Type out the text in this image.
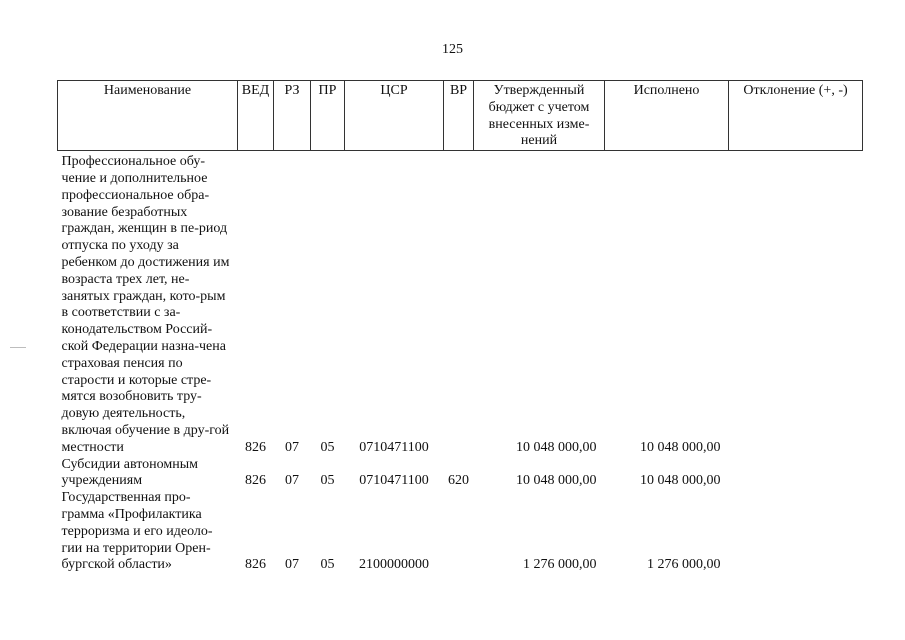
125
Наименование	ВЕД	РЗ	ПР	ЦСР	ВР	Утвержденный бюджет с учетом внесенных изме-нений	Исполнено	Отклонение (+, -)

Профессиональное обу-чение и дополнительное профессиональное обра-зование безработных граждан, женщин в пе-риод отпуска по уходу за ребенком до достижения им возраста трех лет, не-занятых граждан, кото-рым в соответствии с за-конодательством Россий-ской Федерации назна-чена страховая пенсия по старости и которые стре-мятся возобновить тру-довую деятельность, включая обучение в дру-гой местности	826	07	05	0710471100		10 048 000,00	10 048 000,00	
Субсидии автономным учреждениям	826	07	05	0710471100	620	10 048 000,00	10 048 000,00	
Государственная про-грамма «Профилактика терроризма и его идеоло-гии на территории Орен-бургской области»	826	07	05	2100000000		1 276 000,00	1 276 000,00	
